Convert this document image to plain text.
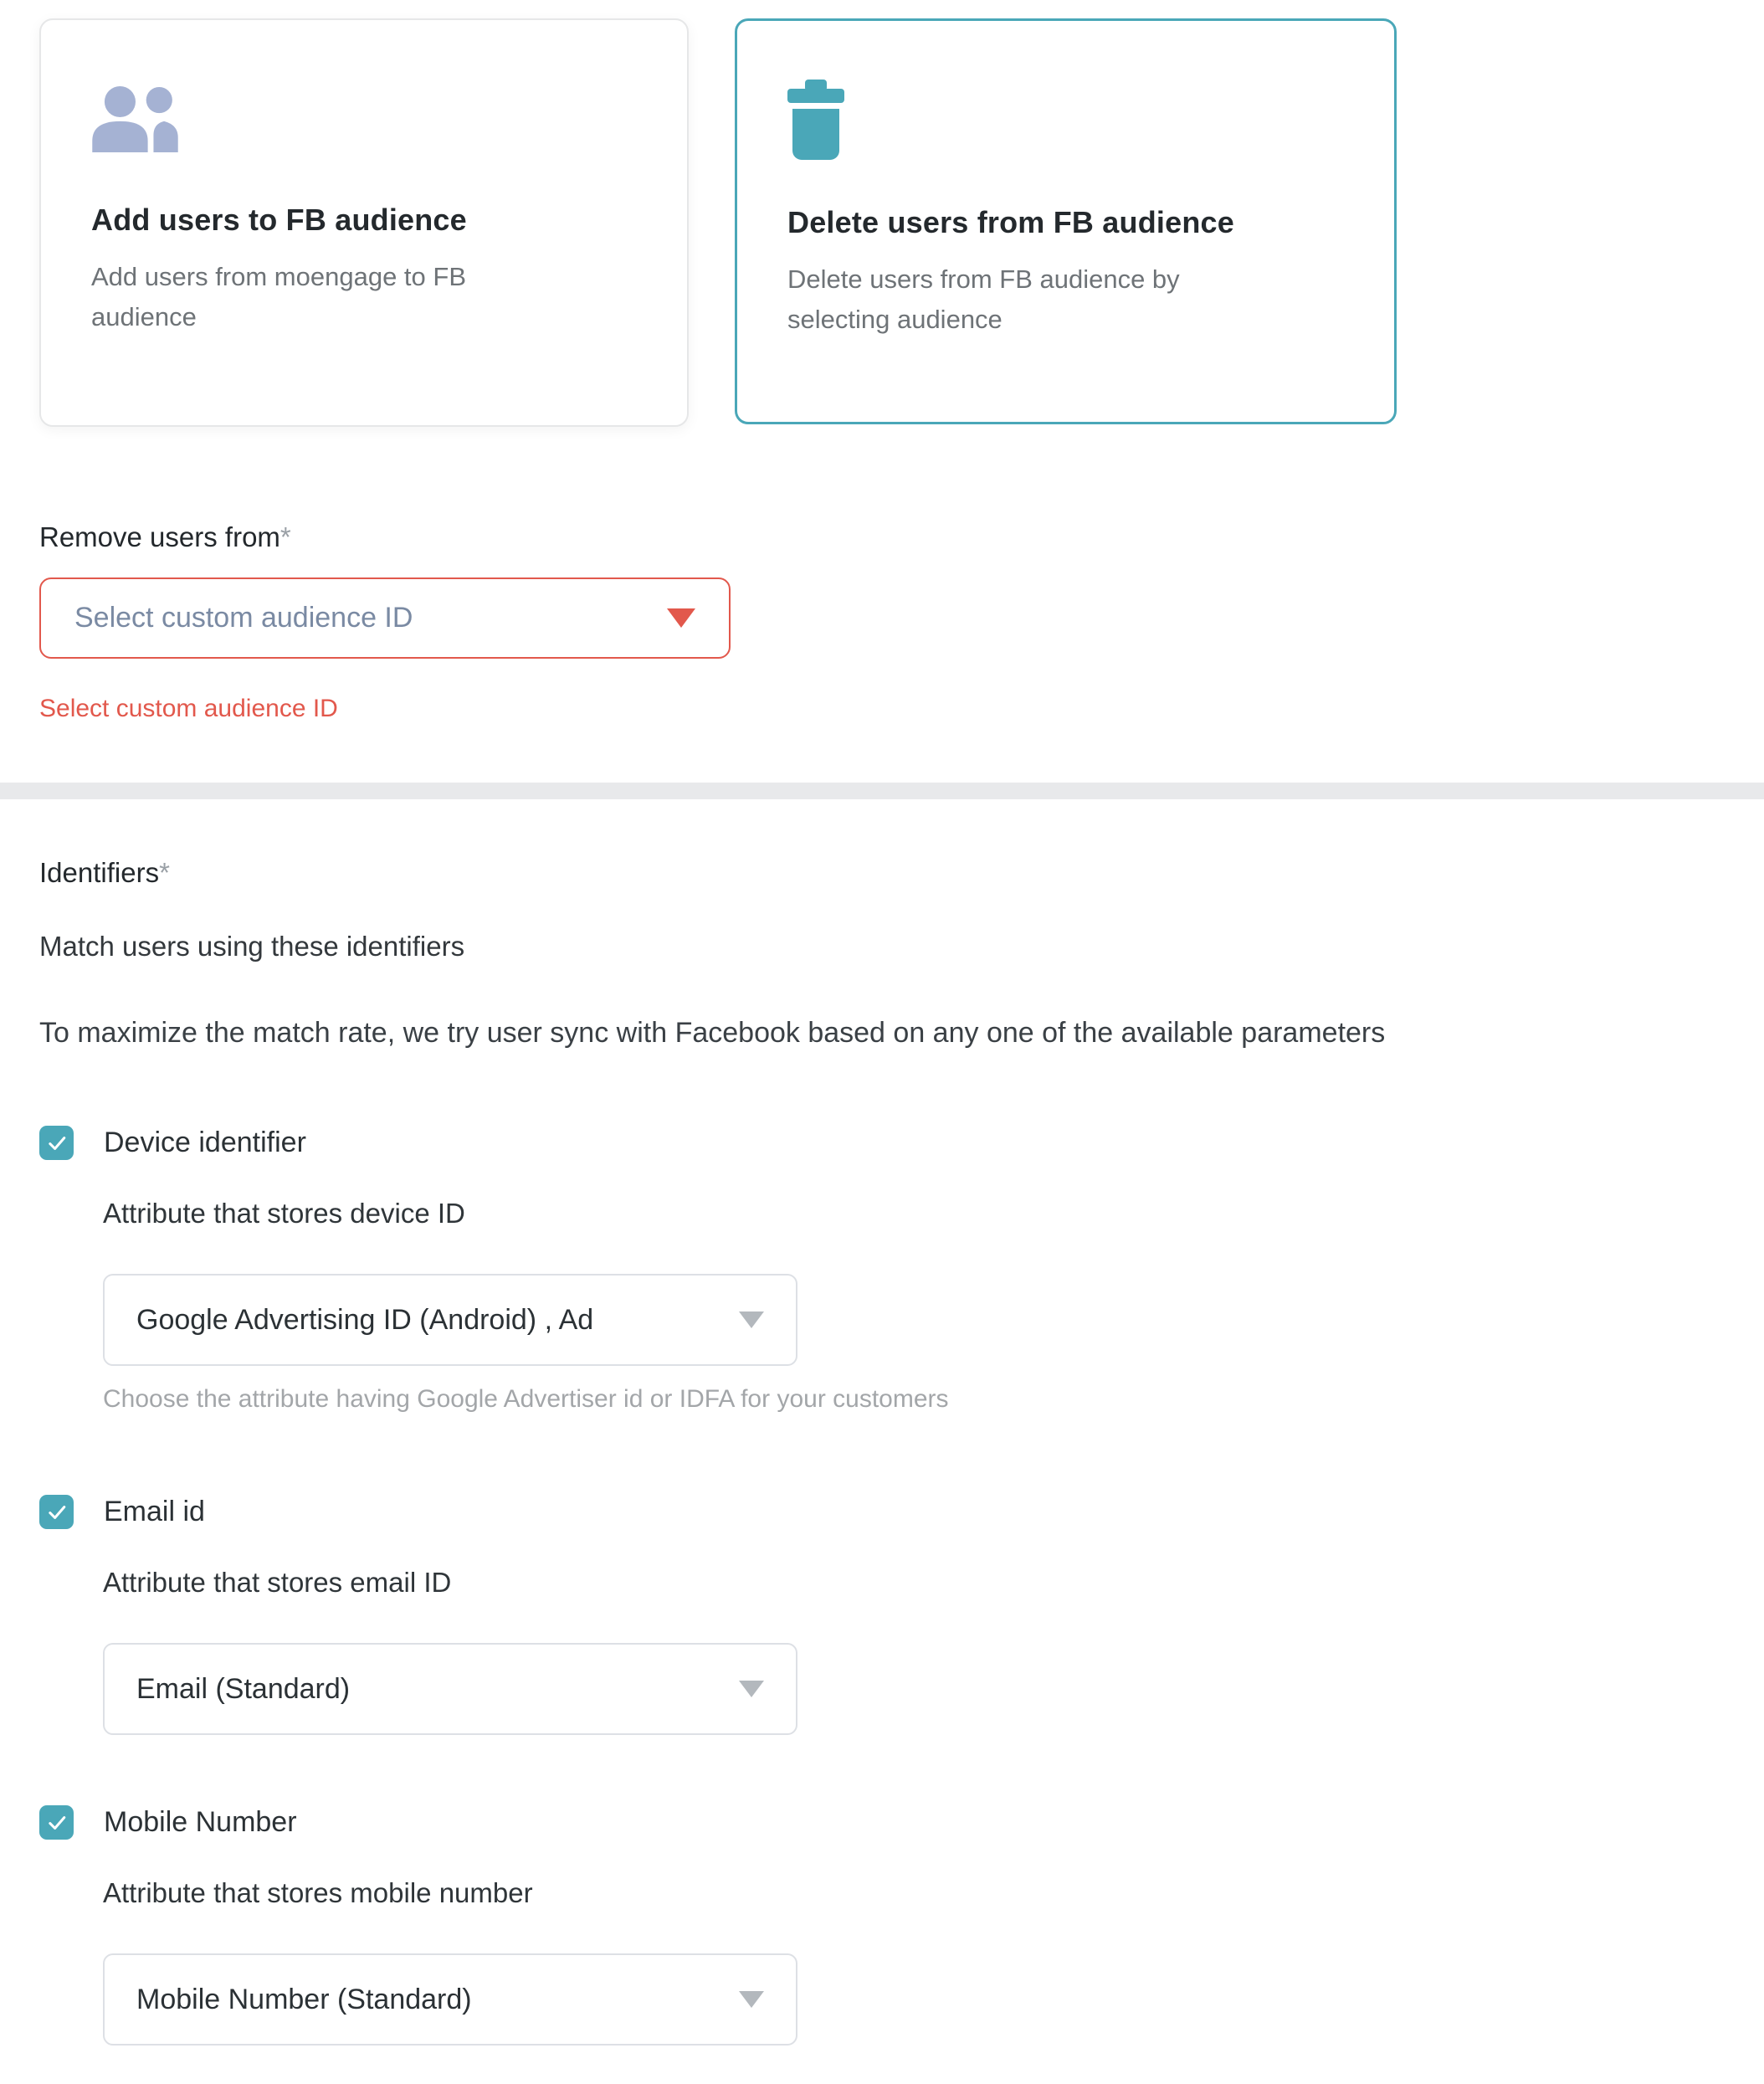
Add users to FB audience
Add users from moengage to FB audience
Delete users from FB audience
Delete users from FB audience by selecting audience
Remove users from*
Select custom audience ID
Select custom audience ID
Identifiers*
Match users using these identifiers
To maximize the match rate, we try user sync with Facebook based on any one of the available parameters
Device identifier
Attribute that stores device ID
Google Advertising ID (Android) , Ad
Choose the attribute having Google Advertiser id or IDFA for your customers
Email id
Attribute that stores email ID
Email (Standard)
Mobile Number
Attribute that stores mobile number
Mobile Number (Standard)
